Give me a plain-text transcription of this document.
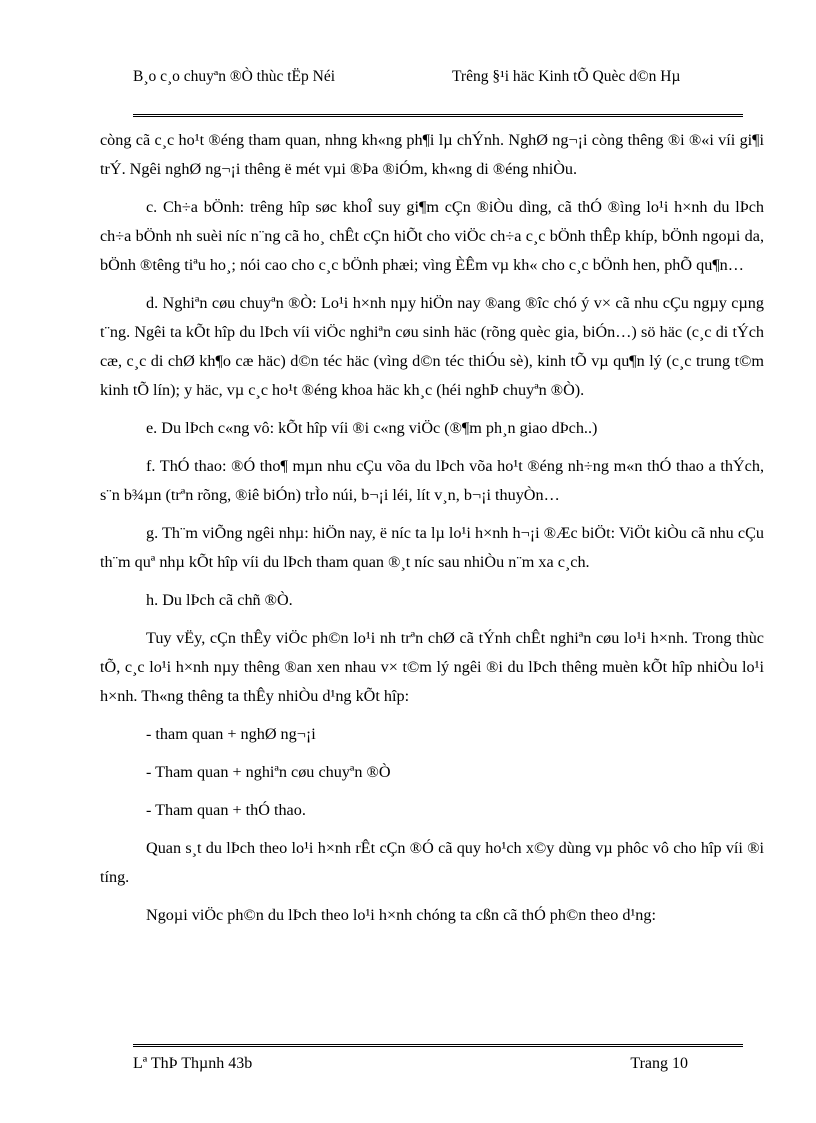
B¸o c¸o chuyªn ®Ò thùc tËp Néi	Trêng §¹i häc Kinh tÕ Quèc d©n Hµ

còng cã c¸c ho¹t ®éng tham quan, nhng kh«ng ph¶i lµ chÝnh. NghØ ng¬¡i còng thêng ®i ®«i víi gi¶i trÝ. Ngêi nghØ ng¬¡i thêng ë mét vµi ®Þa ®iÓm, kh«ng di ®éng nhiÒu.

c. Ch÷a bÖnh: trêng hîp søc khoÎ suy gi¶m cÇn ®iÒu dìng, cã thÓ ®ìng lo¹i h×nh du lÞch ch÷a bÖnh nh suèi níc n¨ng cã ho¸ chÊt cÇn hiÕt cho viÖc ch÷a c¸c bÖnh thÊp khíp, bÖnh ngoµi da, bÖnh ®têng tiªu ho¸; nói cao cho c¸c bÖnh phæi; vìng ÈÊm vµ kh« cho c¸c bÖnh hen, phÕ qu¶n…

d. Nghiªn cøu chuyªn ®Ò: Lo¹i h×nh nµy hiÖn nay ®ang ®îc chó ý v× cã nhu cÇu ngµy cµng t¨ng. Ngêi ta kÕt hîp du lÞch víi viÖc nghiªn cøu sinh häc (rõng quèc gia, biÓn…) sö häc (c¸c di tÝch cæ, c¸c di chØ kh¶o cæ häc) d©n téc häc (vìng d©n téc thiÓu sè), kinh tÕ vµ qu¶n lý (c¸c trung t©m kinh tÕ lín); y häc, vµ c¸c ho¹t ®éng khoa häc kh¸c (héi nghÞ chuyªn ®Ò).

e. Du lÞch c«ng vô: kÕt hîp víi ®i c«ng viÖc (®¶m ph¸n giao dÞch..)

f. ThÓ thao: ®Ó tho¶ mµn nhu cÇu võa du lÞch võa ho¹t ®éng nh÷ng m«n thÓ thao a thÝch, s¨n b¾µn (trªn rõng, ®iê biÓn) trÌo núi, b¬¡i léi, lít v¸n, b¬¡i thuyÒn…

g. Th¨m viÕng ngêi nhµ: hiÖn nay, ë níc ta lµ lo¹i h×nh h¬¡i ®Æc biÖt: ViÖt kiÒu cã nhu cÇu th¨m quª nhµ kÕt hîp víi du lÞch tham quan ®¸t níc sau nhiÒu n¨m xa c¸ch.

h. Du lÞch cã chñ ®Ò.

Tuy vËy, cÇn thÊy viÖc ph©n lo¹i nh trªn chØ cã tÝnh chÊt nghiªn cøu lo¹i h×nh. Trong thùc tÕ, c¸c lo¹i h×nh nµy thêng ®an xen nhau v× t©m lý ngêi ®i du lÞch thêng muèn kÕt hîp nhiÒu lo¹i h×nh. Th«ng thêng ta thÊy nhiÒu d¹ng kÕt hîp:

- tham quan + nghØ ng¬¡i

- Tham quan + nghiªn cøu chuyªn ®Ò

- Tham quan + thÓ thao.

Quan s¸t du lÞch theo lo¹i h×nh rÊt cÇn ®Ó cã quy ho¹ch x©y dùng vµ phôc vô cho hîp víi ®i tíng.

Ngoµi viÖc ph©n du lÞch theo lo¹i h×nh chóng ta cßn cã thÓ ph©n theo d¹ng:

Lª ThÞ Thµnh 43b	Trang 10
